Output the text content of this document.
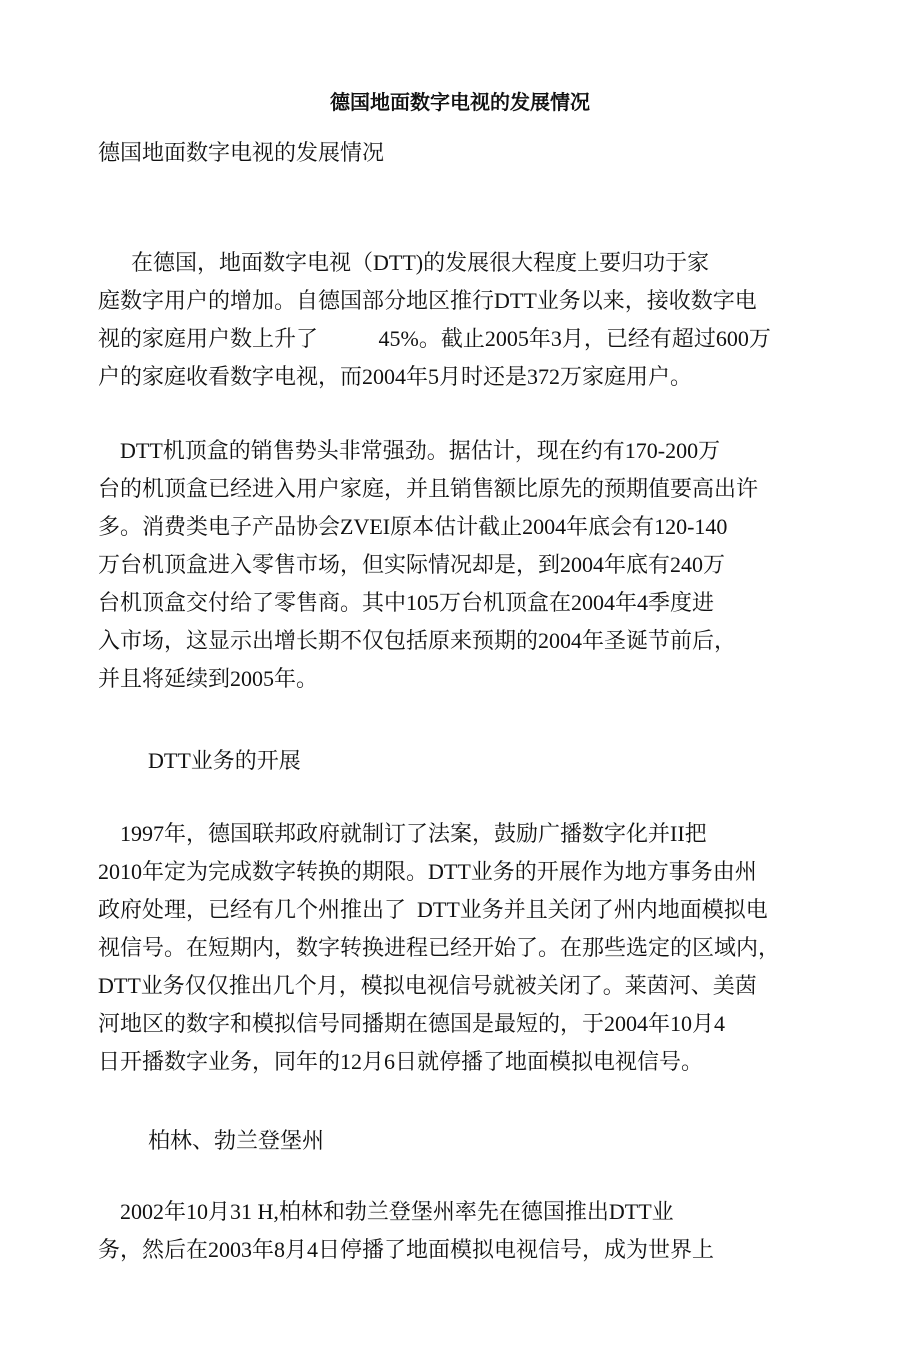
德国地面数字电视的发展情况
德国地面数字电视的发展情况
在德国，地面数字电视（DTT)的发展很大程度上要归功于家
庭数字用户的增加。自德国部分地区推行DTT业务以来，接收数字电
视的家庭用户数上升了           45%。截止2005年3月，已经有超过600万
户的家庭收看数字电视，而2004年5月时还是372万家庭用户。
DTT机顶盒的销售势头非常强劲。据估计，现在约有170-200万
台的机顶盒已经进入用户家庭，并且销售额比原先的预期值要高出许
多。消费类电子产品协会ZVEI原本估计截止2004年底会有120-140
万台机顶盒进入零售市场，但实际情况却是，到2004年底有240万
台机顶盒交付给了零售商。其中105万台机顶盒在2004年4季度进
入市场，这显示出增长期不仅包括原来预期的2004年圣诞节前后，
并且将延续到2005年。
DTT业务的开展
1997年，德国联邦政府就制订了法案，鼓励广播数字化并II把
2010年定为完成数字转换的期限。DTT业务的开展作为地方事务由州
政府处理，已经有几个州推出了  DTT业务并且关闭了州内地面模拟电
视信号。在短期内，数字转换进程已经开始了。在那些选定的区域内，
DTT业务仅仅推出几个月，模拟电视信号就被关闭了。莱茵河、美茵
河地区的数字和模拟信号同播期在德国是最短的，于2004年10月4
日开播数字业务，同年的12月6日就停播了地面模拟电视信号。
柏林、勃兰登堡州
2002年10月31 H,柏林和勃兰登堡州率先在德国推出DTT业
务，然后在2003年8月4日停播了地面模拟电视信号，成为世界上
